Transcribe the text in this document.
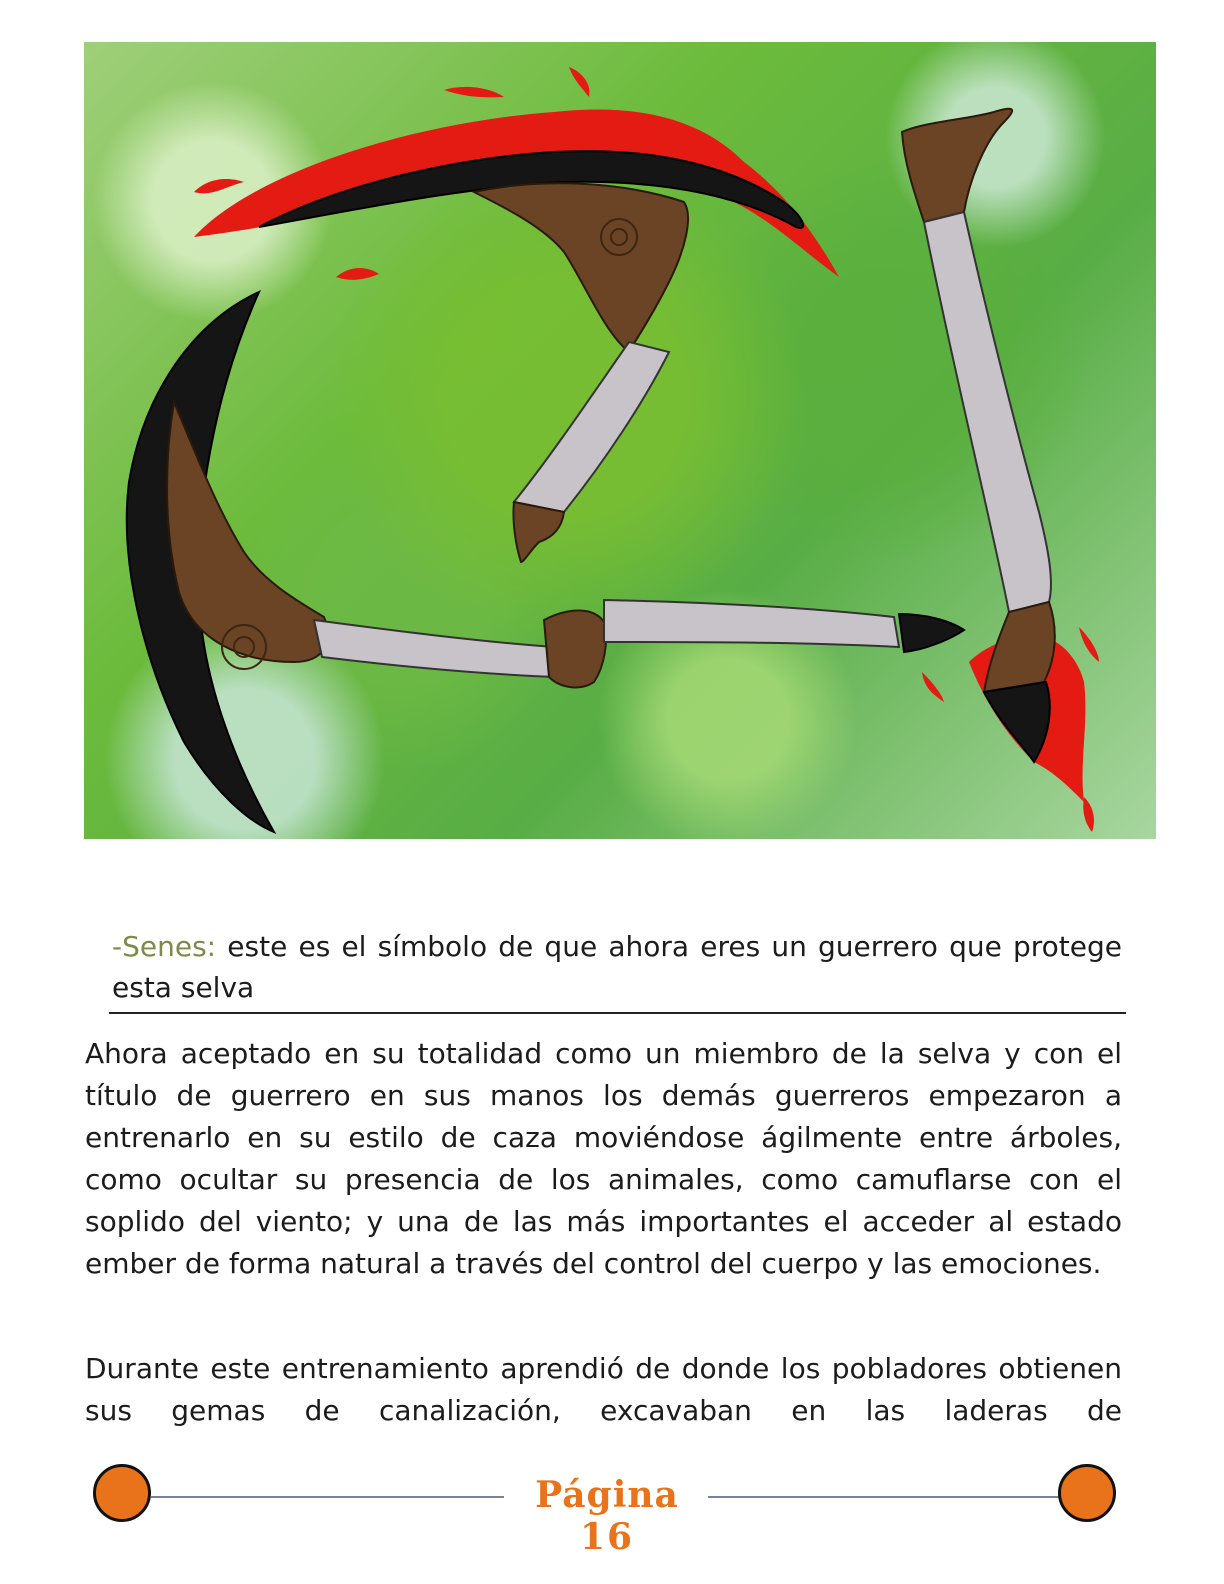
-Senes: este es el símbolo de que ahora eres un guerrero que protege esta selva

Ahora aceptado en su totalidad como un miembro de la selva y con el título de guerrero en sus manos los demás guerreros empezaron a entrenarlo en su estilo de caza moviéndose ágilmente entre árboles, como ocultar su presencia de los animales, como camuflarse con el soplido del viento; y una de las más importantes el acceder al estado ember de forma natural a través del control del cuerpo y las emociones.

Durante este entrenamiento aprendió de donde los pobladores obtienen sus gemas de canalización, excavaban en las laderas de

Página
16
